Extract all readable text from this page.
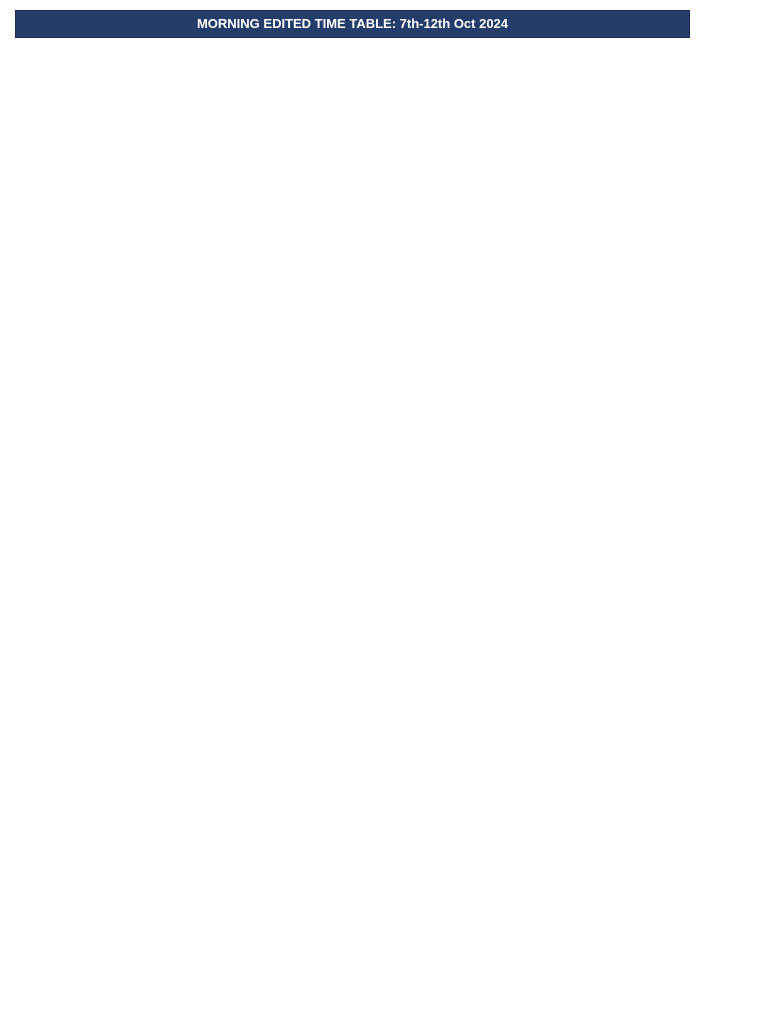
MORNING EDITED TIME TABLE: 7th-12th Oct 2024
